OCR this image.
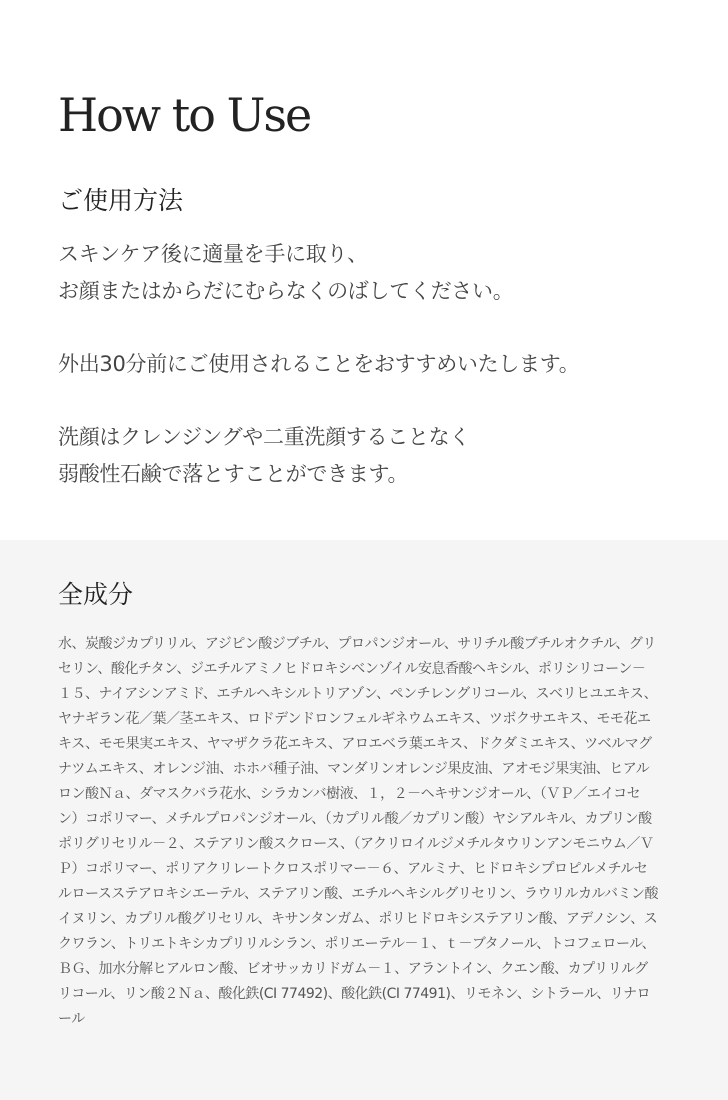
How to Use
ご使用方法

スキンケア後に適量を手に取り、
お顔またはからだにむらなくのばしてください。

外出30分前にご使用されることをおすすめいたします。

洗顔はクレンジングや二重洗顔することなく
弱酸性石鹸で落とすことができます。

全成分

水、炭酸ジカプリリル、アジピン酸ジブチル、プロパンジオール、サリチル酸ブチルオクチル、グリセリン、酸化チタン、ジエチルアミノヒドロキシベンゾイル安息香酸ヘキシル、ポリシリコーン－１５、ナイアシンアミド、エチルヘキシルトリアゾン、ペンチレングリコール、スベリヒユエキス、ヤナギラン花／葉／茎エキス、ロドデンドロンフェルギネウムエキス、ツボクサエキス、モモ花エキス、モモ果実エキス、ヤマザクラ花エキス、アロエベラ葉エキス、ドクダミエキス、ツベルマグナツムエキス、オレンジ油、ホホバ種子油、マンダリンオレンジ果皮油、アオモジ果実油、ヒアルロン酸Ｎａ、ダマスクバラ花水、シラカンバ樹液、１，２－ヘキサンジオール、（ＶＰ／エイコセン）コポリマー、メチルプロパンジオール、（カプリル酸／カプリン酸）ヤシアルキル、カプリン酸ポリグリセリル－２、ステアリン酸スクロース、（アクリロイルジメチルタウリンアンモニウム／ＶＰ）コポリマー、ポリアクリレートクロスポリマー－６、アルミナ、ヒドロキシプロピルメチルセルロースステアロキシエーテル、ステアリン酸、エチルヘキシルグリセリン、ラウリルカルバミン酸イヌリン、カプリル酸グリセリル、キサンタンガム、ポリヒドロキシステアリン酸、アデノシン、スクワラン、トリエトキシカプリリルシラン、ポリエーテル－１、ｔ－ブタノール、トコフェロール、ＢＧ、加水分解ヒアルロン酸、ビオサッカリドガム－１、アラントイン、クエン酸、カプリリルグリコール、リン酸２Ｎａ、酸化鉄(CI 77492)、酸化鉄(CI 77491)、リモネン、シトラール、リナロール
